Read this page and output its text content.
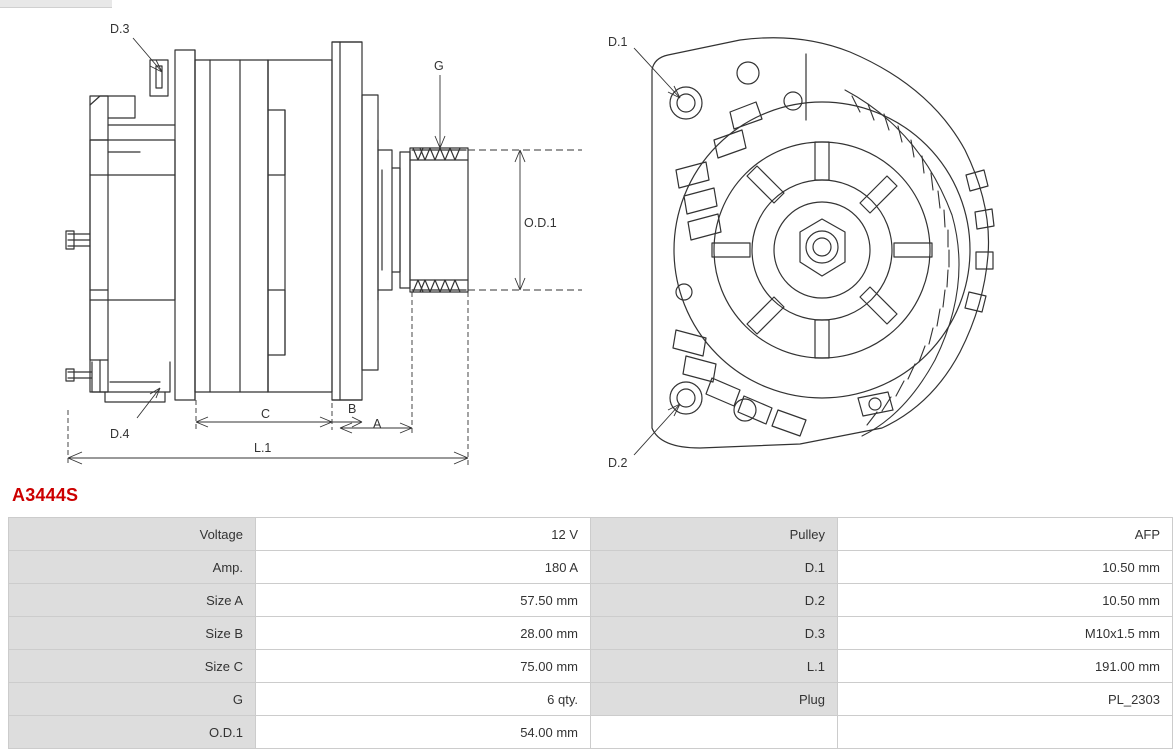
D.3
D.4
G
O.D.1
A
B
C
L.1
D.1
D.2
A3444S
Voltage	12 V	Pulley	AFP
Amp.	180 A	D.1	10.50 mm
Size A	57.50 mm	D.2	10.50 mm
Size B	28.00 mm	D.3	M10x1.5 mm
Size C	75.00 mm	L.1	191.00 mm
G	6 qty.	Plug	PL_2303
O.D.1	54.00 mm		
